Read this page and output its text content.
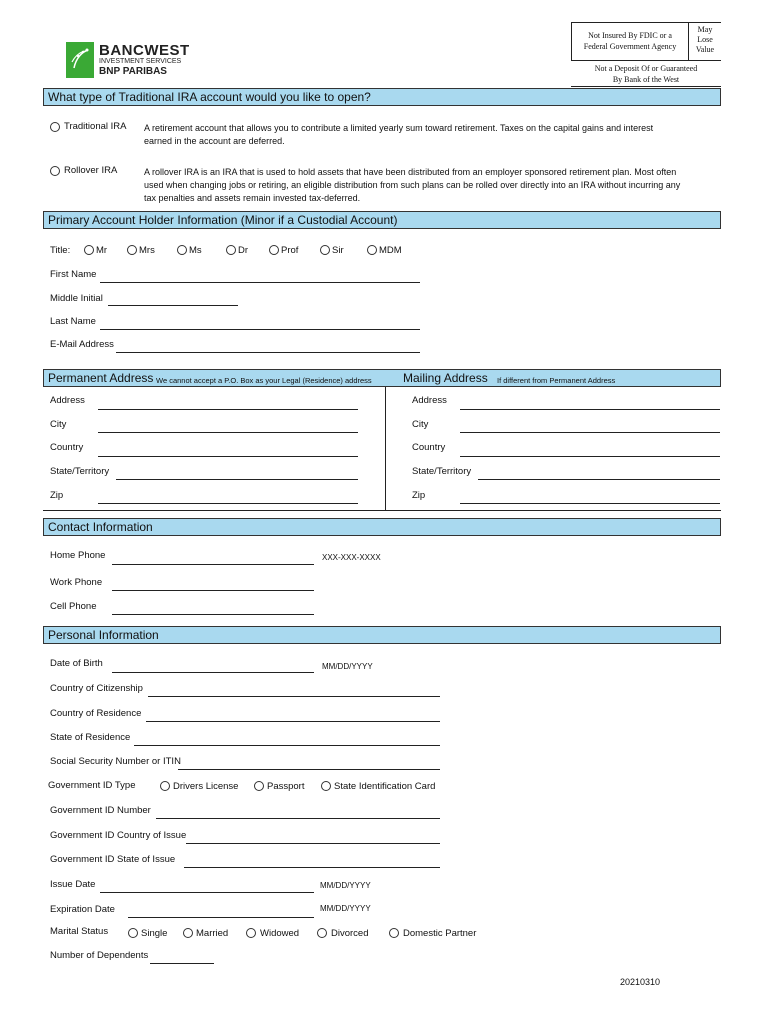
BANCWEST
INVESTMENT SERVICES
BNP PARIBAS
Not Insured By FDIC or a
Federal Government Agency
May
Lose
Value
Not a Deposit Of or Guaranteed
By Bank of the West
What type of Traditional IRA account would you like to open?
Traditional IRA A retirement account that allows you to contribute a limited yearly sum toward retirement. Taxes on the capital gains and interest
earned in the account are deferred.
Rollover IRA	A rollover IRA is an IRA that is used to hold assets that have been distributed from an employer sponsored retirement plan. Most often
used when changing jobs or retiring, an eligible distribution from such plans can be rolled over directly into an IRA without incurring any
tax penalties and assets remain invested tax-deferred.
Primary Account Holder Information (Minor if a Custodial Account)
Title:	Mr	Mrs	Ms	Dr	Prof	Sir	MDM
First Name
Middle Initial
Last Name
E-Mail Address
Permanent Address We cannot accept a P.O. Box as your Legal (Residence) address	Mailing Address If different from Permanent Address
Address
City
Country
State/Territory
Zip
Address
City
Country
State/Territory
Zip
Contact Information
Home Phone	XXX-XXX-XXXX
Work Phone
Cell Phone
Personal Information
Date of Birth	MM/DD/YYYY
Country of Citizenship
Country of Residence
State of Residence
Social Security Number or ITIN
Government ID Type	Drivers License	Passport	State Identification Card
Government ID Number
Government ID Country of Issue
Government ID State of Issue
Issue Date	MM/DD/YYYY
Expiration Date	MM/DD/YYYY
Marital Status	Single	Married	Widowed	Divorced	Domestic Partner
Number of Dependents
20210310
